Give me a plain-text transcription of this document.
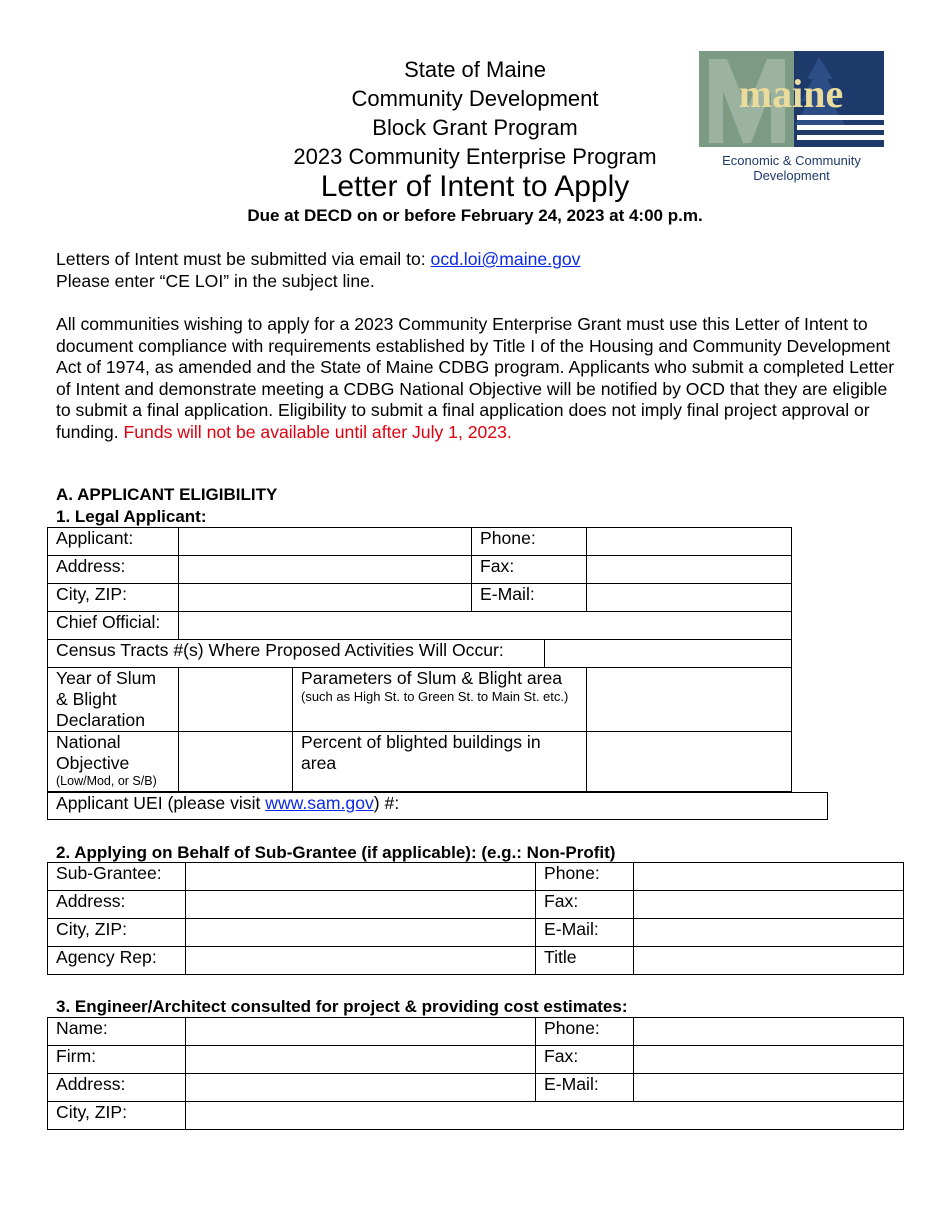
State of Maine
Community Development
Block Grant Program
2023 Community Enterprise Program
Letter of Intent to Apply
Due at DECD on or before February 24, 2023 at 4:00 p.m.
maine
Economic & Community
Development
Letters of Intent must be submitted via email to: ocd.loi@maine.gov
Please enter “CE LOI” in the subject line.
All communities wishing to apply for a 2023 Community Enterprise Grant must use this Letter of Intent to document compliance with requirements established by Title I of the Housing and Community Development Act of 1974, as amended and the State of Maine CDBG program. Applicants who submit a completed Letter of Intent and demonstrate meeting a CDBG National Objective will be notified by OCD that they are eligible to submit a final application. Eligibility to submit a final application does not imply final project approval or funding. Funds will not be available until after July 1, 2023.
A. APPLICANT ELIGIBILITY
1. Legal Applicant:
Applicant:		Phone:	
Address:		Fax:	
City, ZIP:		E-Mail:	
Chief Official:			
Census Tracts #(s) Where Proposed Activities Will Occur:	
Year of Slum & Blight Declaration		Parameters of Slum & Blight area
(such as High St. to Green St. to Main St. etc.)	

National Objective
(Low/Mod, or S/B)		Percent of blighted buildings in area	
Applicant UEI (please visit www.sam.gov) #:
2. Applying on Behalf of Sub-Grantee (if applicable): (e.g.: Non-Profit)
Sub-Grantee:		Phone:	
Address:		Fax:	
City, ZIP:		E-Mail:	
Agency Rep:		Title	
3. Engineer/Architect consulted for project & providing cost estimates:
Name:		Phone:	
Firm:		Fax:	
Address:		E-Mail:	
City, ZIP:			
